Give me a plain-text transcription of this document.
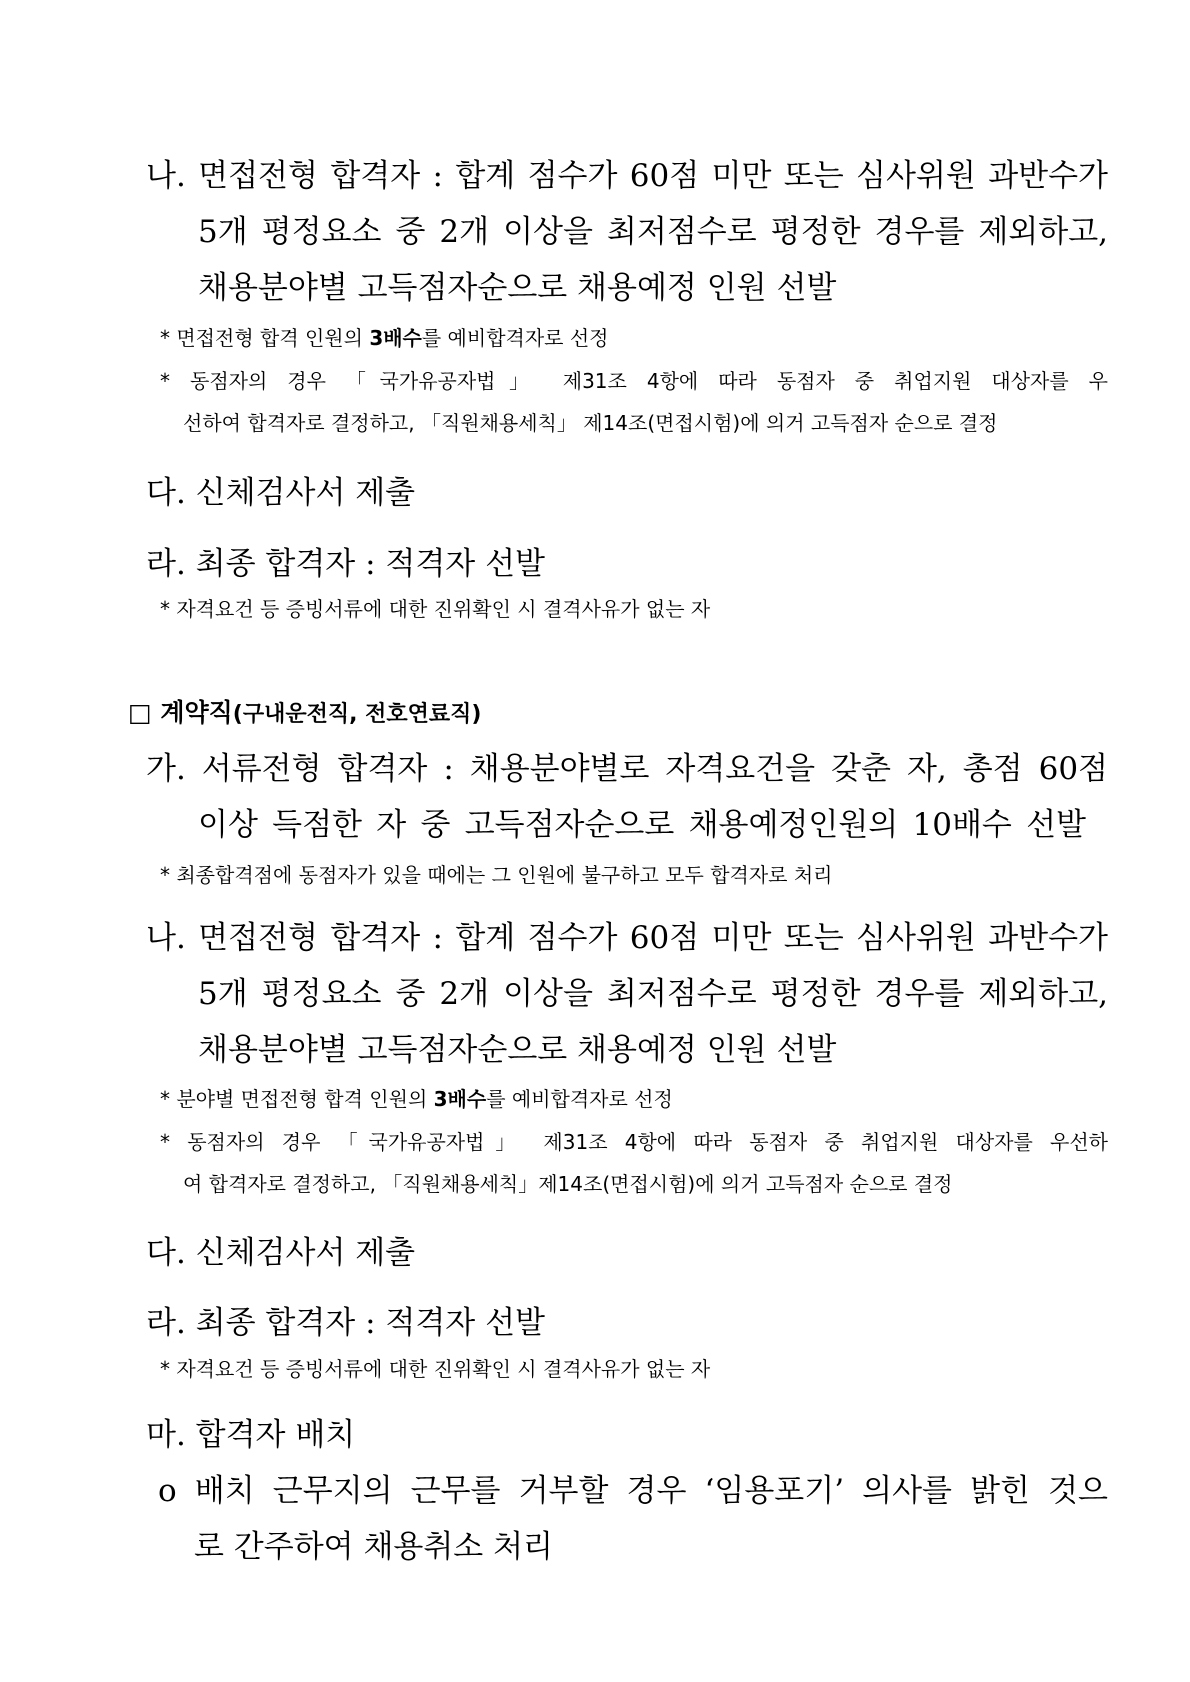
나. 면접전형 합격자 : 합계 점수가 60점 미만 또는 심사위원 과반수가
5개 평정요소 중 2개 이상을 최저점수로 평정한 경우를 제외하고,
채용분야별 고득점자순으로 채용예정 인원 선발
* 면접전형 합격 인원의 3배수를 예비합격자로 선정
* 동점자의 경우 「국가유공자법」 제31조 4항에 따라 동점자 중 취업지원 대상자를 우
선하여 합격자로 결정하고, 「직원채용세칙」 제14조(면접시험)에 의거 고득점자 순으로 결정
다. 신체검사서 제출
라. 최종 합격자 : 적격자 선발
* 자격요건 등 증빙서류에 대한 진위확인 시 결격사유가 없는 자
□ 계약직(구내운전직, 전호연료직)
가. 서류전형 합격자 : 채용분야별로 자격요건을 갖춘 자, 총점 60점
이상 득점한 자 중 고득점자순으로 채용예정인원의 10배수 선발
* 최종합격점에 동점자가 있을 때에는 그 인원에 불구하고 모두 합격자로 처리
나. 면접전형 합격자 : 합계 점수가 60점 미만 또는 심사위원 과반수가
5개 평정요소 중 2개 이상을 최저점수로 평정한 경우를 제외하고,
채용분야별 고득점자순으로 채용예정 인원 선발
* 분야별 면접전형 합격 인원의 3배수를 예비합격자로 선정
* 동점자의 경우 「국가유공자법」 제31조 4항에 따라 동점자 중 취업지원 대상자를 우선하
여 합격자로 결정하고, 「직원채용세칙」제14조(면접시험)에 의거 고득점자 순으로 결정
다. 신체검사서 제출
라. 최종 합격자 : 적격자 선발
* 자격요건 등 증빙서류에 대한 진위확인 시 결격사유가 없는 자
마. 합격자 배치
o 배치 근무지의 근무를 거부할 경우 ‘임용포기’ 의사를 밝힌 것으
로 간주하여 채용취소 처리
